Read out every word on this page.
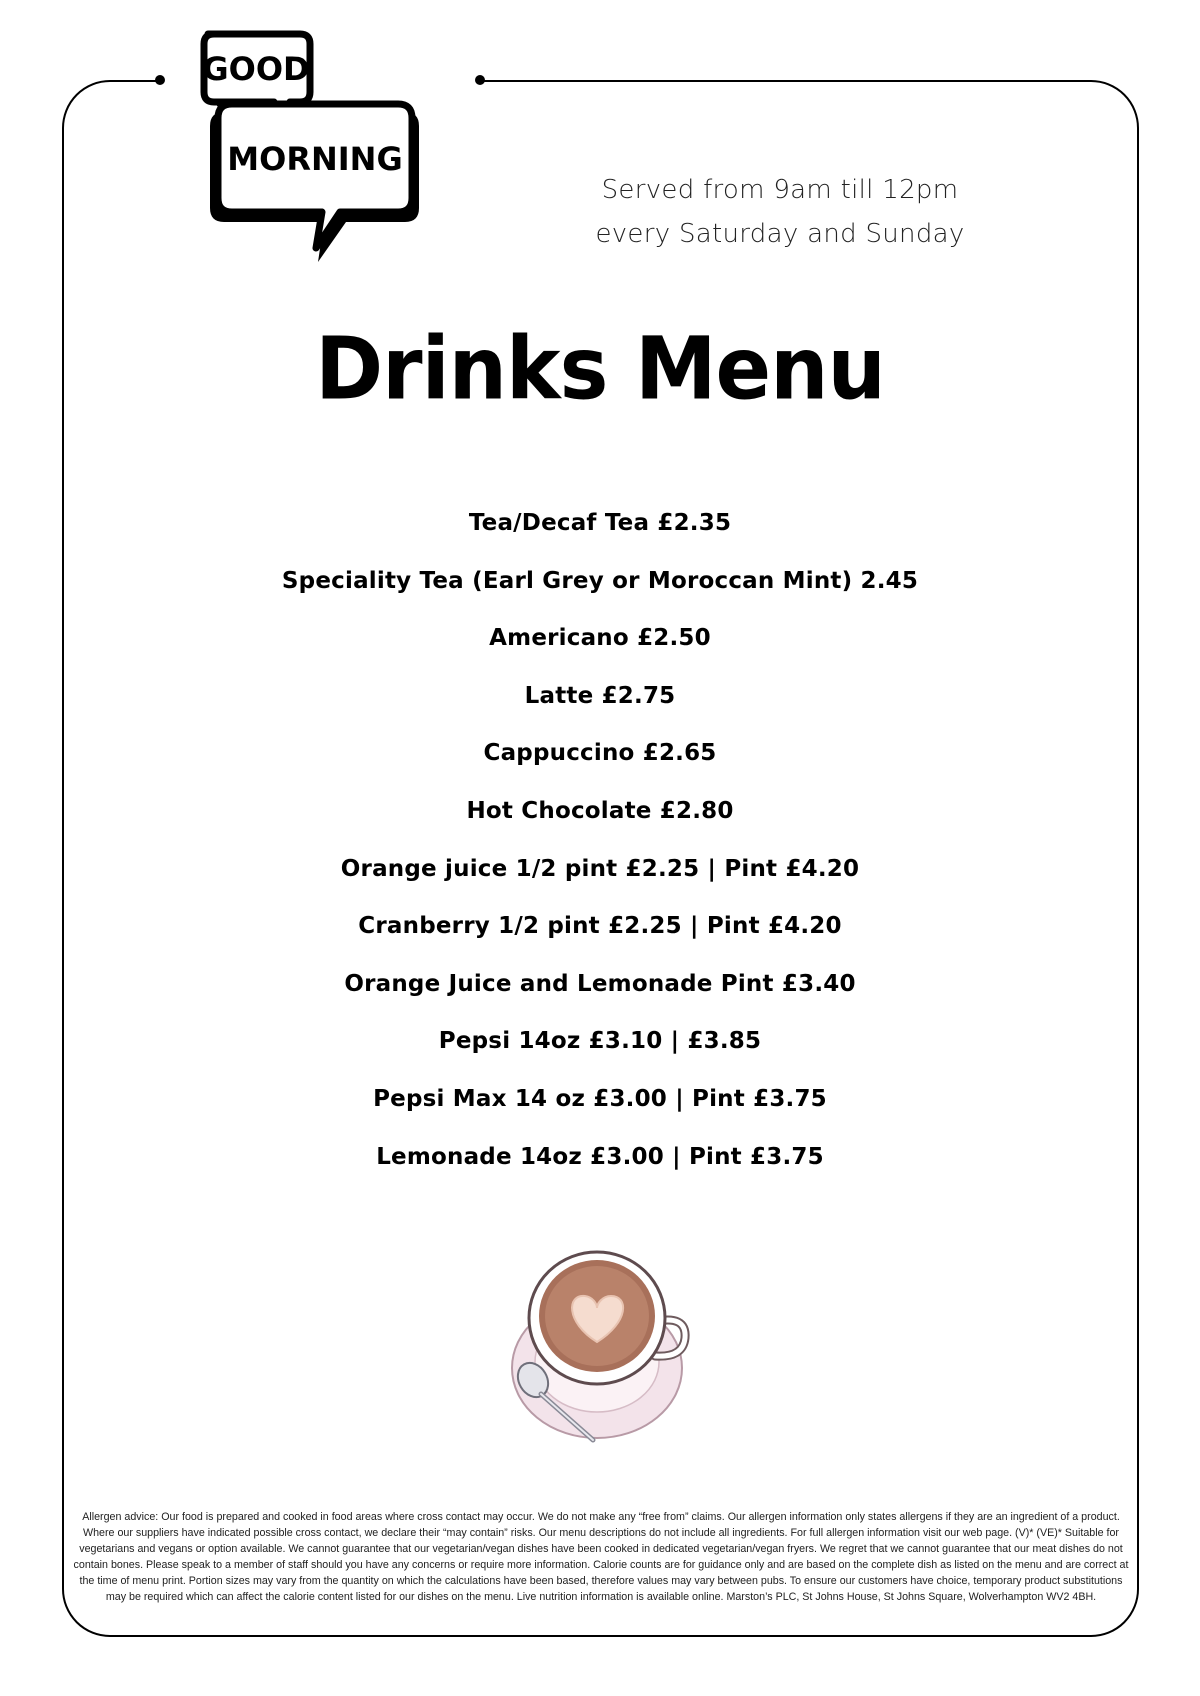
GOOD
MORNING
Served from 9am till 12pm
every Saturday and Sunday
Drinks Menu
Tea/Decaf Tea £2.35
Speciality Tea (Earl Grey or Moroccan Mint) 2.45
Americano £2.50
Latte £2.75
Cappuccino £2.65
Hot Chocolate £2.80
Orange juice 1/2 pint £2.25 | Pint £4.20
Cranberry 1/2 pint £2.25 | Pint £4.20
Orange Juice and Lemonade Pint £3.40
Pepsi 14oz £3.10 | £3.85
Pepsi Max 14 oz £3.00 | Pint £3.75
Lemonade 14oz £3.00 | Pint £3.75
Allergen advice: Our food is prepared and cooked in food areas where cross contact may occur. We do not make any “free from” claims. Our allergen information only states allergens if they are an ingredient of a product. Where our suppliers have indicated possible cross contact, we declare their “may contain” risks. Our menu descriptions do not include all ingredients. For full allergen information visit our web page. (V)* (VE)* Suitable for vegetarians and vegans or option available. We cannot guarantee that our vegetarian/vegan dishes have been cooked in dedicated vegetarian/vegan fryers. We regret that we cannot guarantee that our meat dishes do not contain bones. Please speak to a member of staff should you have any concerns or require more information. Calorie counts are for guidance only and are based on the complete dish as listed on the menu and are correct at the time of menu print. Portion sizes may vary from the quantity on which the calculations have been based, therefore values may vary between pubs. To ensure our customers have choice, temporary product substitutions may be required which can affect the calorie content listed for our dishes on the menu. Live nutrition information is available online. Marston’s PLC, St Johns House, St Johns Square, Wolverhampton WV2 4BH.
